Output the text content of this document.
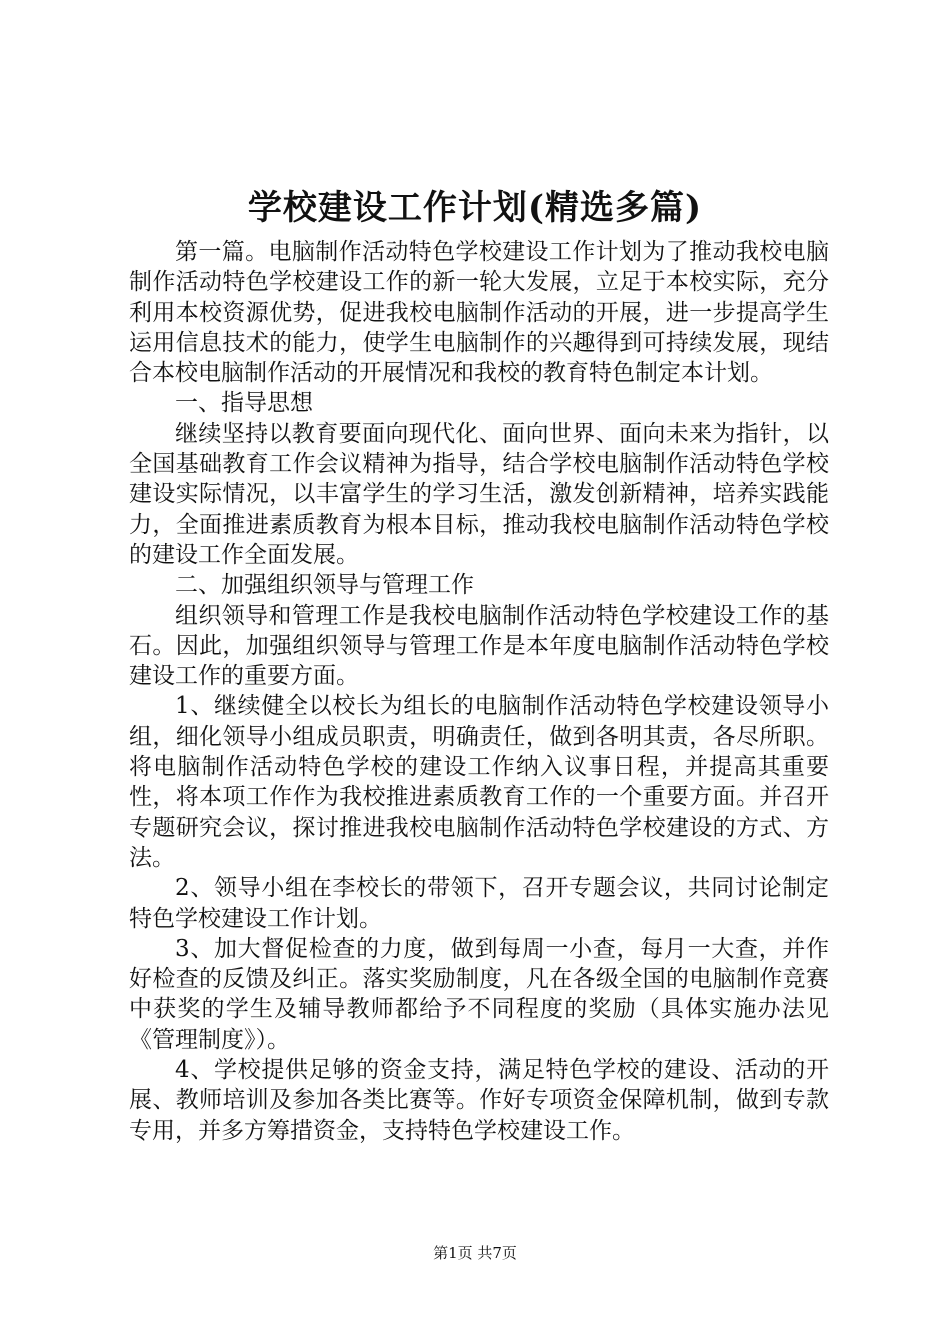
学校建设工作计划(精选多篇)

第一篇。电脑制作活动特色学校建设工作计划为了推动我校电脑制作活动特色学校建设工作的新一轮大发展，立足于本校实际，充分利用本校资源优势，促进我校电脑制作活动的开展，进一步提高学生运用信息技术的能力，使学生电脑制作的兴趣得到可持续发展，现结合本校电脑制作活动的开展情况和我校的教育特色制定本计划。

一、指导思想

继续坚持以教育要面向现代化、面向世界、面向未来为指针，以全国基础教育工作会议精神为指导，结合学校电脑制作活动特色学校建设实际情况，以丰富学生的学习生活，激发创新精神，培养实践能力，全面推进素质教育为根本目标，推动我校电脑制作活动特色学校的建设工作全面发展。

二、加强组织领导与管理工作

组织领导和管理工作是我校电脑制作活动特色学校建设工作的基石。因此，加强组织领导与管理工作是本年度电脑制作活动特色学校建设工作的重要方面。

1、继续健全以校长为组长的电脑制作活动特色学校建设领导小组，细化领导小组成员职责，明确责任，做到各明其责，各尽所职。将电脑制作活动特色学校的建设工作纳入议事日程，并提高其重要性，将本项工作作为我校推进素质教育工作的一个重要方面。并召开专题研究会议，探讨推进我校电脑制作活动特色学校建设的方式、方法。

2、领导小组在李校长的带领下，召开专题会议，共同讨论制定特色学校建设工作计划。

3、加大督促检查的力度，做到每周一小查，每月一大查，并作好检查的反馈及纠正。落实奖励制度，凡在各级全国的电脑制作竞赛中获奖的学生及辅导教师都给予不同程度的奖励（具体实施办法见《管理制度》）。

4、学校提供足够的资金支持，满足特色学校的建设、活动的开展、教师培训及参加各类比赛等。作好专项资金保障机制，做到专款专用，并多方筹措资金，支持特色学校建设工作。

第1页 共7页
